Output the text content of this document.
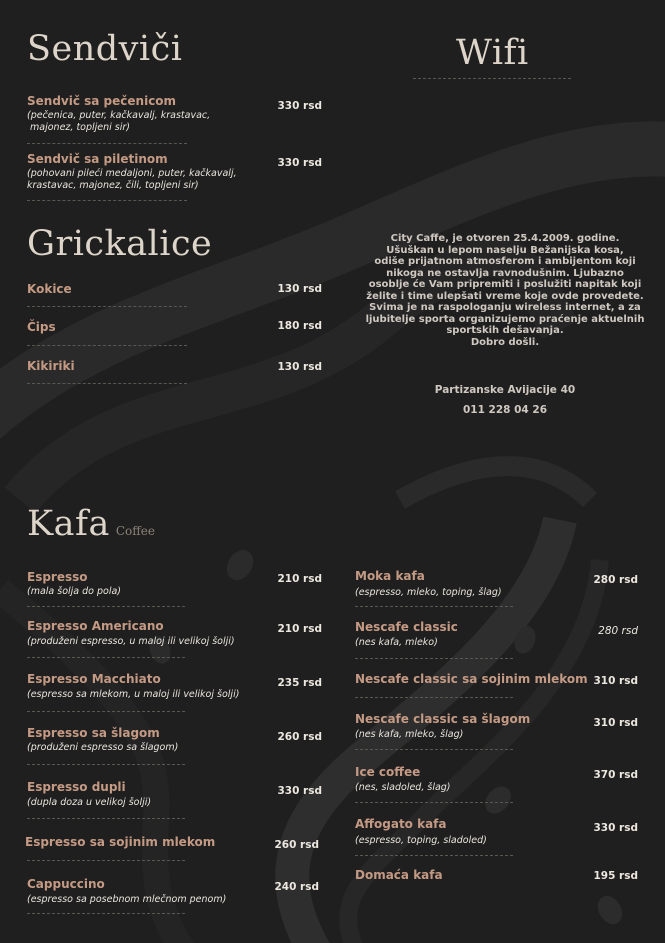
Sendviči	Wifi
Grickalice
Kafa Coffee
Sendvič sa pečenicom
(pečenica, puter, kačkavalj, krastavac,
majonez, topljeni sir)
330 rsd
Sendvič sa piletinom
(pohovani pileći medaljoni, puter, kačkavalj,
krastavac, majonez, čili, topljeni sir)
330 rsd
Kokice	130 rsd
Čips	180 rsd
Kikiriki	130 rsd
City Caffe, je otvoren 25.4.2009. godine.
Ušuškan u lepom naselju Bežanijska kosa,
odiše prijatnom atmosferom i ambijentom koji
nikoga ne ostavlja ravnodušnim. Ljubazno
osoblje će Vam pripremiti i poslužiti napitak koji
želite i time ulepšati vreme koje ovde provedete.
Svima je na raspologanju wireless internet, a za
ljubitelje sporta organizujemo praćenje aktuelnih
sportskih dešavanja.
Dobro došli.
Partizanske Avijacije 40
011 228 04 26
Espresso
(mala šolja do pola)
210 rsd
Espresso Americano
(produženi espresso, u maloj ili velikoj šolji)
210 rsd
Espresso Macchiato
(espresso sa mlekom, u maloj ili velikoj šolji)
235 rsd
Espresso sa šlagom
(produženi espresso sa šlagom)
260 rsd
Espresso dupli
(dupla doza u velikoj šolji)
330 rsd
Espresso sa sojinim mlekom	260 rsd
Cappuccino
(espresso sa posebnom mlečnom penom)
240 rsd
Moka kafa
(espresso, mleko, toping, šlag)
280 rsd
Nescafe classic
(nes kafa, mleko)
280 rsd
Nescafe classic sa sojinim mlekom 310 rsd
Nescafe classic sa šlagom
(nes kafa, mleko, šlag)
310 rsd
Ice coffee
(nes, sladoled, šlag)
370 rsd
Affogato kafa
(espresso, toping, sladoled)
330 rsd
Domaća kafa	195 rsd
